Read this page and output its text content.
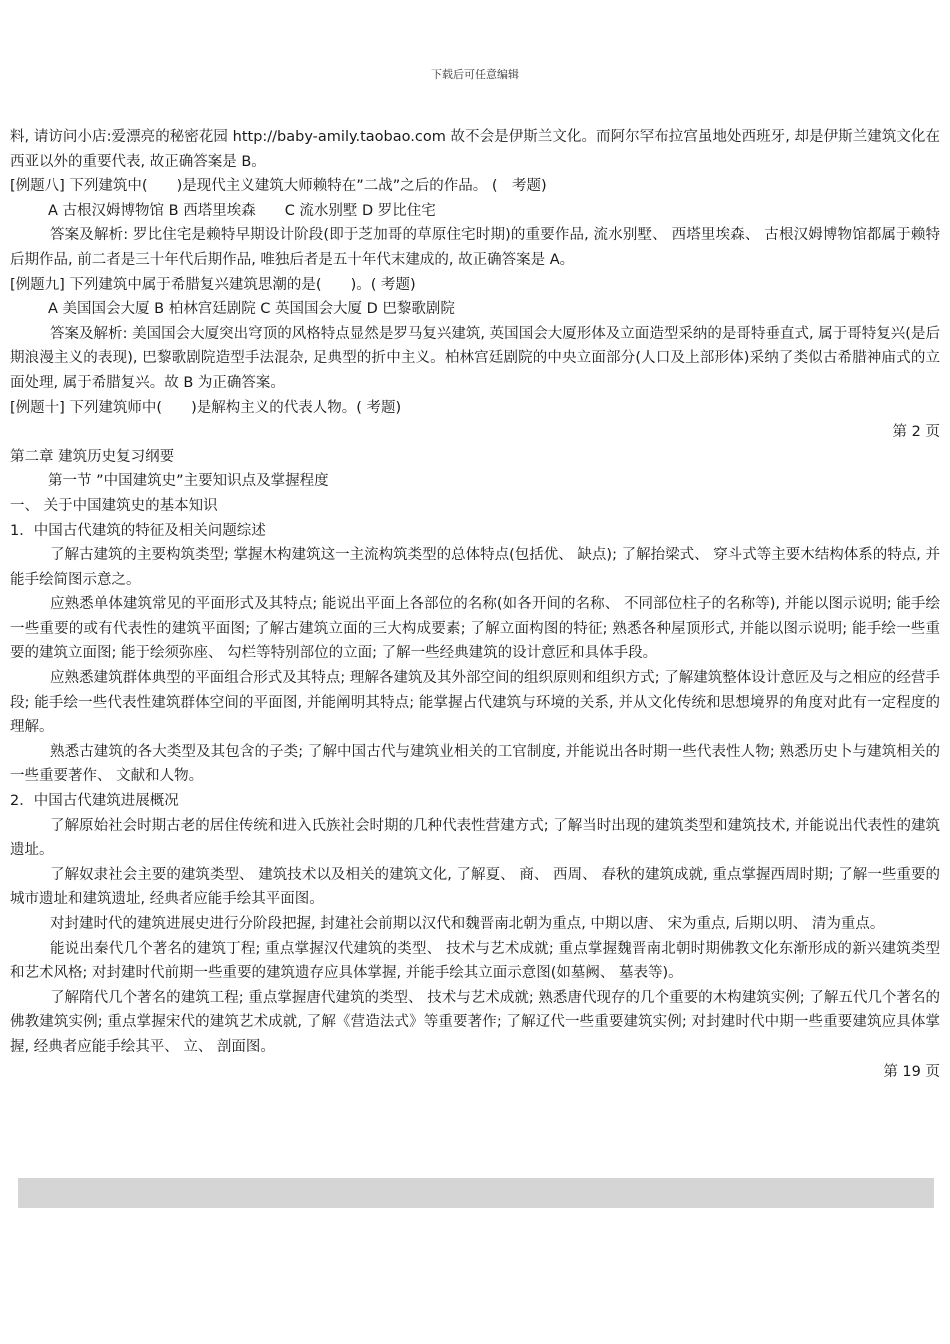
下载后可任意编辑

料, 请访问小店:爱漂亮的秘密花园 http://baby-amily.taobao.com 故不会是伊斯兰文化。而阿尔罕布拉宫虽地处西班牙, 却是伊斯兰建筑文化在西亚以外的重要代表, 故正确答案是 B。

[例题八] 下列建筑中(　　)是现代主义建筑大师赖特在”二战”之后的作品。 (　考题)

A 古根汉姆博物馆 B 西塔里埃森　　C 流水别墅 D 罗比住宅

答案及解析: 罗比住宅是赖特早期设计阶段(即于芝加哥的草原住宅时期)的重要作品, 流水别墅、 西塔里埃森、 古根汉姆博物馆都属于赖特后期作品, 前二者是三十年代后期作品, 唯独后者是五十年代末建成的, 故正确答案是 A。

[例题九] 下列建筑中属于希腊复兴建筑思潮的是(　　)。( 考题)

A 美国国会大厦 B 柏林宫廷剧院 C 英国国会大厦 D 巴黎歌剧院

答案及解析: 美国国会大厦突出穹顶的风格特点显然是罗马复兴建筑, 英国国会大厦形体及立面造型采纳的是哥特垂直式, 属于哥特复兴(是后期浪漫主义的表现), 巴黎歌剧院造型手法混杂, 足典型的折中主义。柏林宫廷剧院的中央立面部分(人口及上部形体)采纳了类似古希腊神庙式的立面处理, 属于希腊复兴。故 B 为正确答案。

[例题十] 下列建筑师中(　　)是解构主义的代表人物。( 考题)

第 2 页

第二章 建筑历史复习纲要

第一节 ”中国建筑史”主要知识点及掌握程度

一、 关于中国建筑史的基本知识

1．中国古代建筑的特征及相关问题综述

了解古建筑的主要构筑类型; 掌握木构建筑这一主流构筑类型的总体特点(包括优、 缺点); 了解抬梁式、 穿斗式等主要木结构体系的特点, 并能手绘简图示意之。

应熟悉单体建筑常见的平面形式及其特点; 能说出平面上各部位的名称(如各开间的名称、 不同部位柱子的名称等), 并能以图示说明; 能手绘一些重要的或有代表性的建筑平面图; 了解古建筑立面的三大构成要素; 了解立面构图的特征; 熟悉各种屋顶形式, 并能以图示说明; 能手绘一些重要的建筑立面图; 能于绘须弥座、 勾栏等特别部位的立面; 了解一些经典建筑的设计意匠和具体手段。

应熟悉建筑群体典型的平面组合形式及其特点; 理解各建筑及其外部空间的组织原则和组织方式; 了解建筑整体设计意匠及与之相应的经营手段; 能手绘一些代表性建筑群体空间的平面图, 并能阐明其特点; 能掌握占代建筑与环境的关系, 并从文化传统和思想境界的角度对此有一定程度的理解。

熟悉古建筑的各大类型及其包含的子类; 了解中国古代与建筑业相关的工官制度, 并能说出各时期一些代表性人物; 熟悉历史卜与建筑相关的一些重要著作、 文献和人物。

2．中国古代建筑进展概况

了解原始社会时期古老的居住传统和进入氏族社会时期的几种代表性营建方式; 了解当时出现的建筑类型和建筑技术, 并能说出代表性的建筑遗址。

了解奴隶社会主要的建筑类型、 建筑技术以及相关的建筑文化, 了解夏、 商、 西周、 春秋的建筑成就, 重点掌握西周时期; 了解一些重要的城市遗址和建筑遗址, 经典者应能手绘其平面图。

对封建时代的建筑进展史进行分阶段把握, 封建社会前期以汉代和魏晋南北朝为重点, 中期以唐、 宋为重点, 后期以明、 清为重点。

能说出秦代几个著名的建筑丁程; 重点掌握汉代建筑的类型、 技术与艺术成就; 重点掌握魏晋南北朝时期佛教文化东渐形成的新兴建筑类型和艺术风格; 对封建时代前期一些重要的建筑遗存应具体掌握, 并能手绘其立面示意图(如墓阙、 墓表等)。

了解隋代几个著名的建筑工程; 重点掌握唐代建筑的类型、 技术与艺术成就; 熟悉唐代现存的几个重要的木构建筑实例; 了解五代几个著名的佛教建筑实例; 重点掌握宋代的建筑艺术成就, 了解《营造法式》等重要著作; 了解辽代一些重要建筑实例; 对封建时代中期一些重要建筑应具体掌握, 经典者应能手绘其平、 立、 剖面图。

第 19 页
